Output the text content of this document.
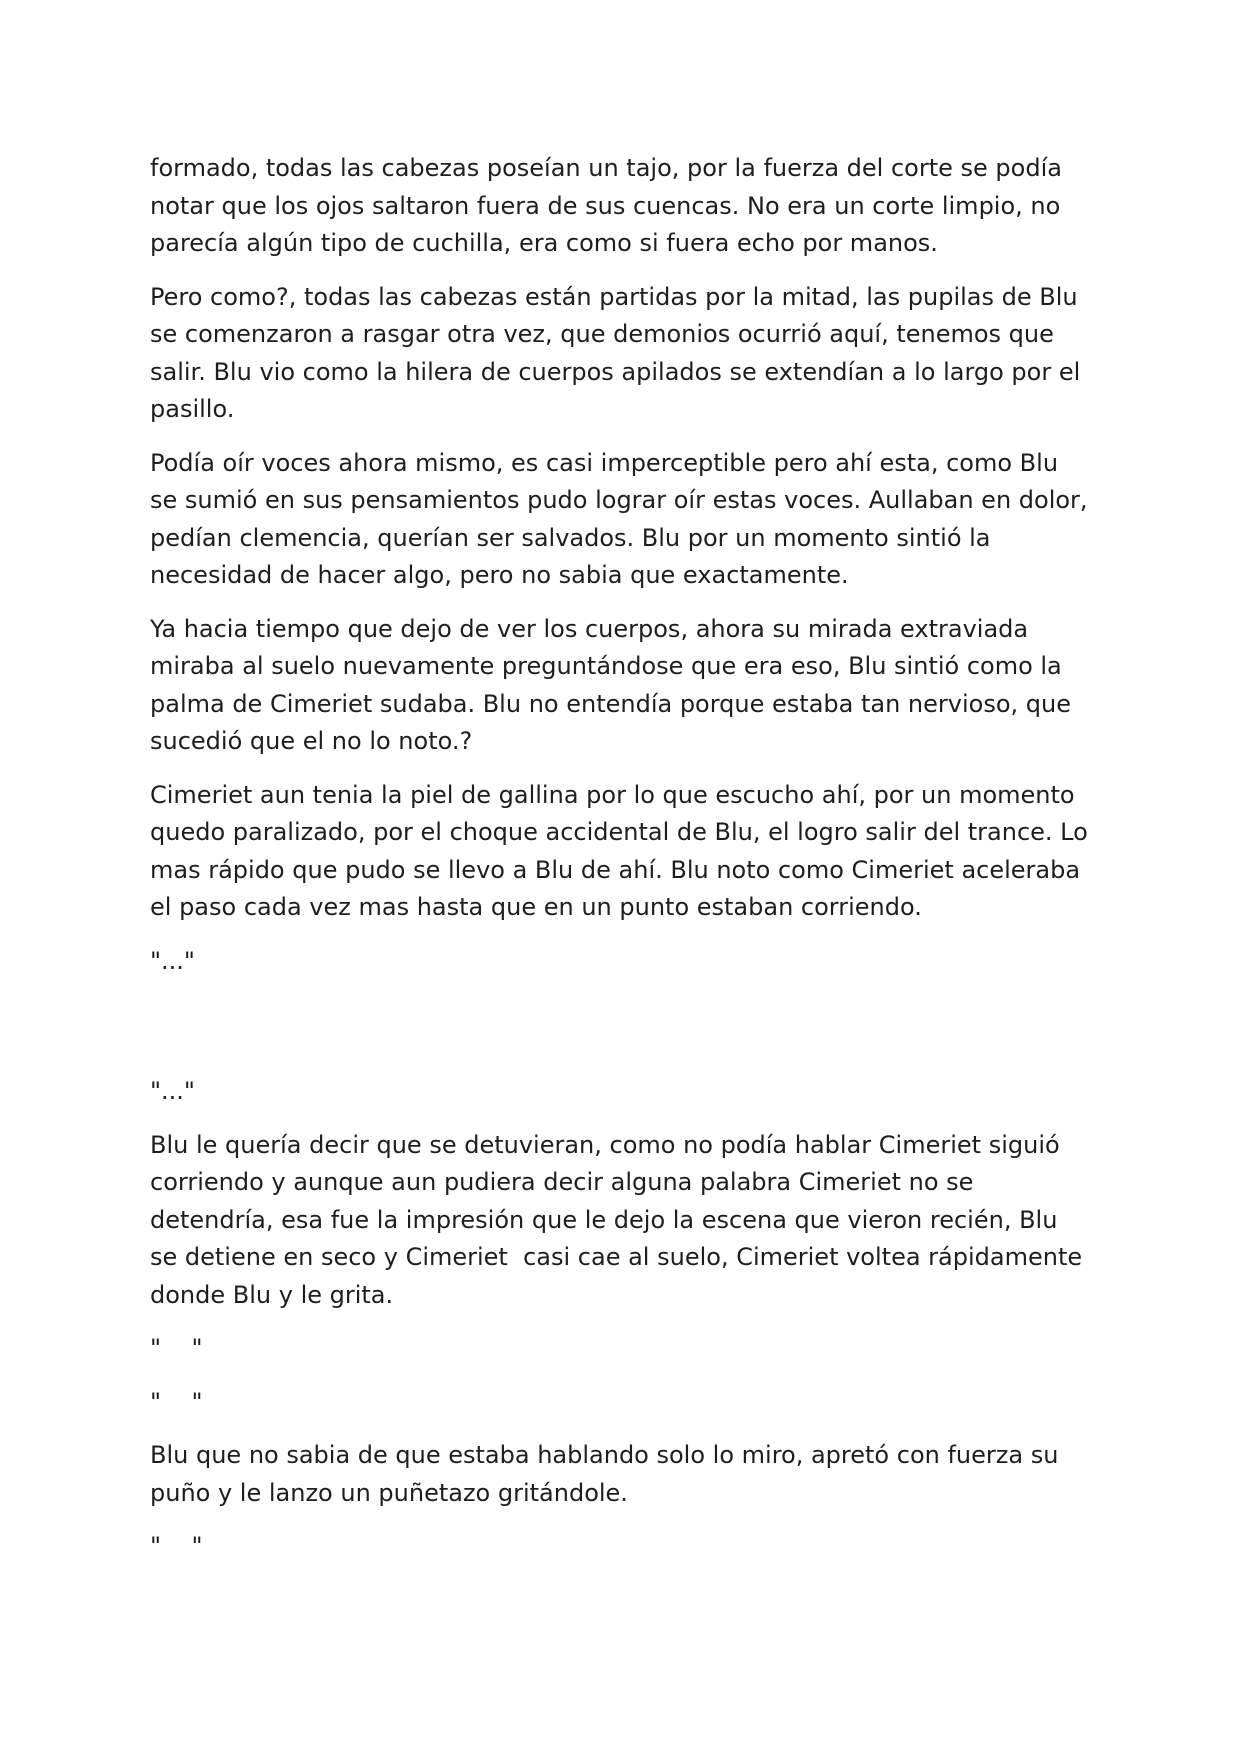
formado, todas las cabezas poseían un tajo, por la fuerza del corte se podía notar que los ojos saltaron fuera de sus cuencas. No era un corte limpio, no parecía algún tipo de cuchilla, era como si fuera echo por manos.

Pero como?, todas las cabezas están partidas por la mitad, las pupilas de Blu se comenzaron a rasgar otra vez, que demonios ocurrió aquí, tenemos que salir. Blu vio como la hilera de cuerpos apilados se extendían a lo largo por el pasillo.

Podía oír voces ahora mismo, es casi imperceptible pero ahí esta, como Blu se sumió en sus pensamientos pudo lograr oír estas voces. Aullaban en dolor, pedían clemencia, querían ser salvados. Blu por un momento sintió la necesidad de hacer algo, pero no sabia que exactamente.

Ya hacia tiempo que dejo de ver los cuerpos, ahora su mirada extraviada miraba al suelo nuevamente preguntándose que era eso, Blu sintió como la palma de Cimeriet sudaba. Blu no entendía porque estaba tan nervioso, que sucedió que el no lo noto.?

Cimeriet aun tenia la piel de gallina por lo que escucho ahí, por un momento quedo paralizado, por el choque accidental de Blu, el logro salir del trance. Lo mas rápido que pudo se llevo a Blu de ahí. Blu noto como Cimeriet aceleraba el paso cada vez mas hasta que en un punto estaban corriendo.

"..."

"..."

Blu le quería decir que se detuvieran, como no podía hablar Cimeriet siguió corriendo y aunque aun pudiera decir alguna palabra Cimeriet no se detendría, esa fue la impresión que le dejo la escena que vieron recién, Blu se detiene en seco y Cimeriet  casi cae al suelo, Cimeriet voltea rápidamente donde Blu y le grita.

"    "

"    "

Blu que no sabia de que estaba hablando solo lo miro, apretó con fuerza su puño y le lanzo un puñetazo gritándole.

"    "
